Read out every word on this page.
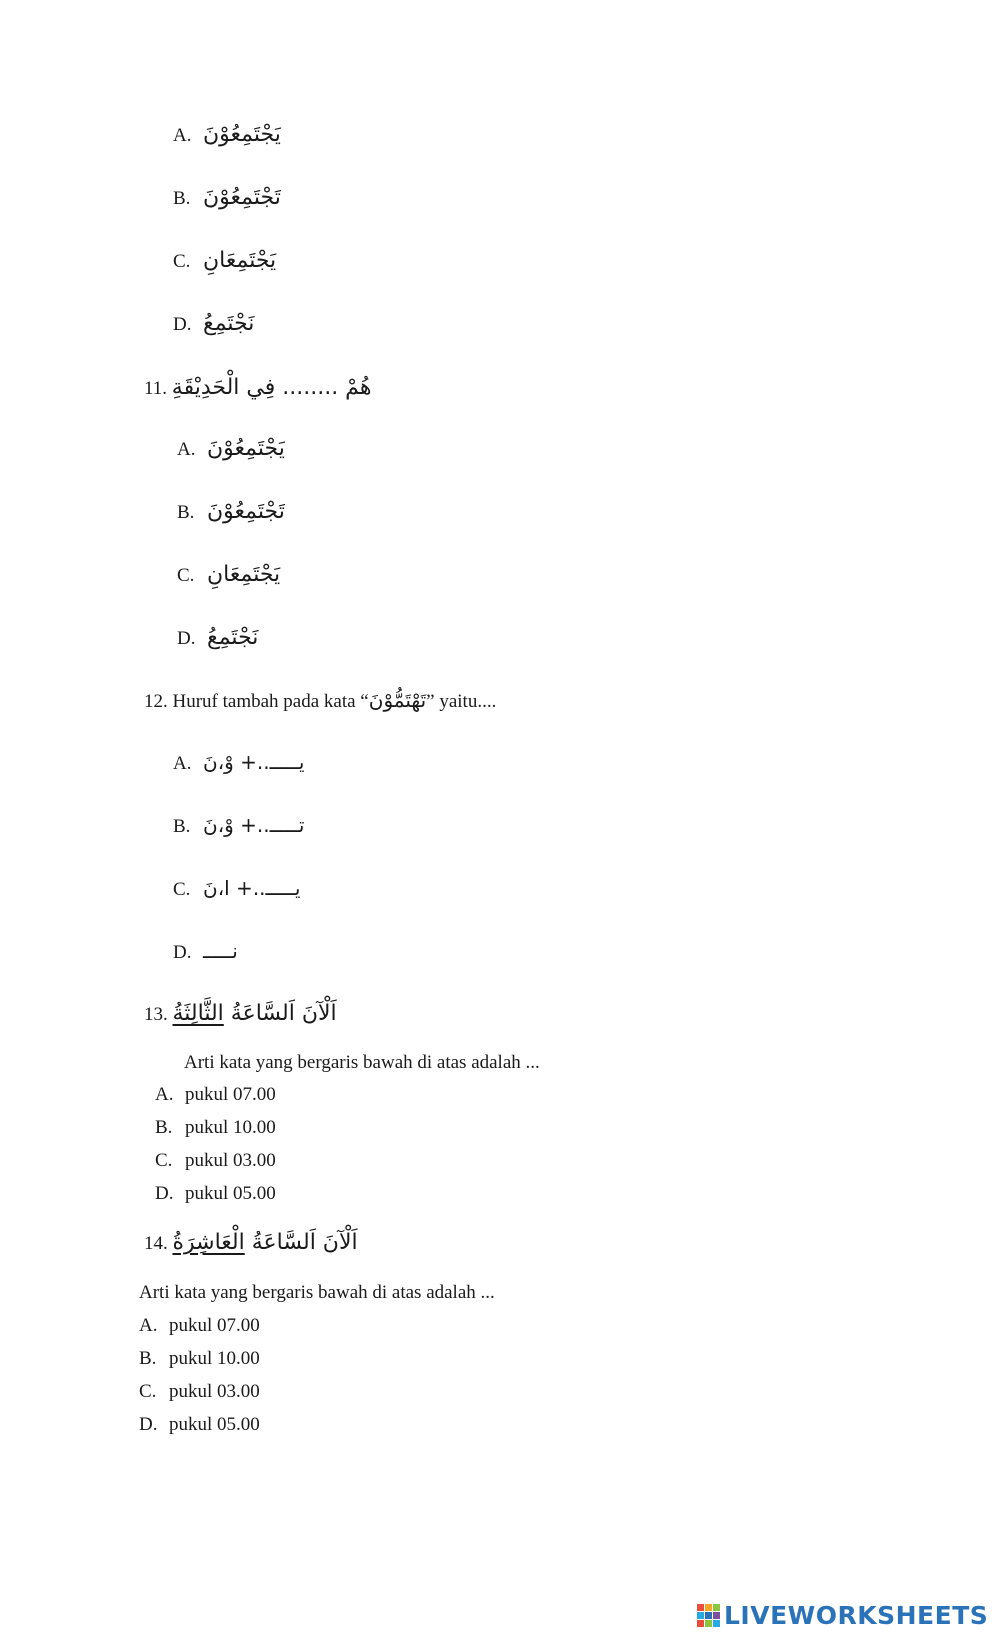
A. يَجْتَمِعُوْنَ
B. تَجْتَمِعُوْنَ
C. يَجْتَمِعَانِ
D. نَجْتَمِعُ
11. هُمْ ........ فِي الْحَدِيْقَةِ
A. يَجْتَمِعُوْنَ
B. تَجْتَمِعُوْنَ
C. يَجْتَمِعَانِ
D. نَجْتَمِعُ
12. Huruf tambah pada kata “تَهْتَمُّوْنَ” yaitu....
A. يـــــ..+ وْ،نَ
B. تـــــ..+ وْ،نَ
C. يـــــ..+ ا،نَ
D. نـــــ
13.	اَلْآنَ اَلسَّاعَةُ الثَّالِثَةُ
Arti kata yang bergaris bawah di atas adalah ...
A. pukul 07.00
B. pukul 10.00
C. pukul 03.00
D. pukul 05.00
14.	اَلْآنَ اَلسَّاعَةُ الْعَاشِرَةُ
Arti kata yang bergaris bawah di atas adalah ...
A. pukul 07.00
B. pukul 10.00
C. pukul 03.00
D. pukul 05.00
LIVEWORKSHEETS
